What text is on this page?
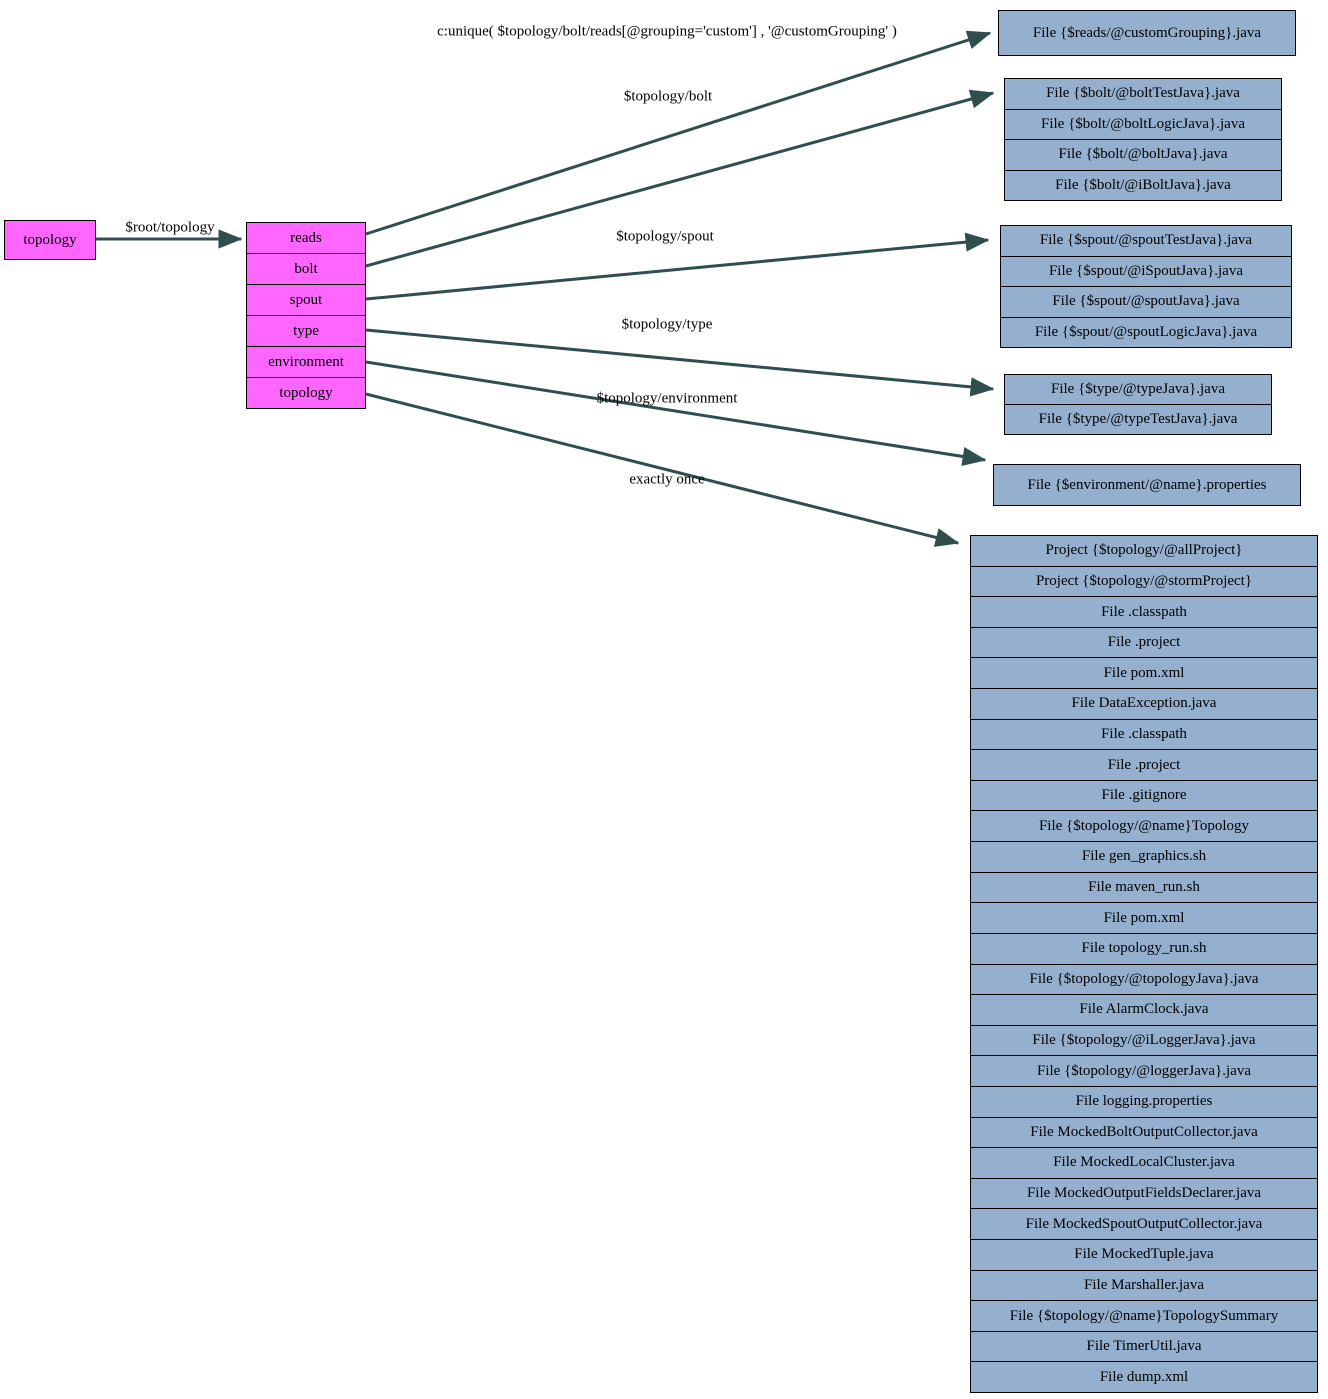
c:unique( $topology/bolt/reads[@grouping='custom'] , '@customGrouping' )
topology	reads
bolt
spout
type
environment
topology
$root/topology
$topology/bolt
$topology/spout
$topology/type
$topology/environment
exactly once
File {$reads/@customGrouping}.java
File {$bolt/@boltTestJava}.java
File {$bolt/@boltLogicJava}.java
File {$bolt/@boltJava}.java
File {$bolt/@iBoltJava}.java
File {$spout/@spoutTestJava}.java
File {$spout/@iSpoutJava}.java
File {$spout/@spoutJava}.java
File {$spout/@spoutLogicJava}.java
File {$type/@typeJava}.java
File {$type/@typeTestJava}.java
File {$environment/@name}.properties
Project {$topology/@allProject}
Project {$topology/@stormProject}
File .classpath
File .project
File pom.xml
File DataException.java
File .classpath
File .project
File .gitignore
File {$topology/@name}Topology
File gen_graphics.sh
File maven_run.sh
File pom.xml
File topology_run.sh
File {$topology/@topologyJava}.java
File AlarmClock.java
File {$topology/@iLoggerJava}.java
File {$topology/@loggerJava}.java
File logging.properties
File MockedBoltOutputCollector.java
File MockedLocalCluster.java
File MockedOutputFieldsDeclarer.java
File MockedSpoutOutputCollector.java
File MockedTuple.java
File Marshaller.java
File {$topology/@name}TopologySummary
File TimerUtil.java
File dump.xml
